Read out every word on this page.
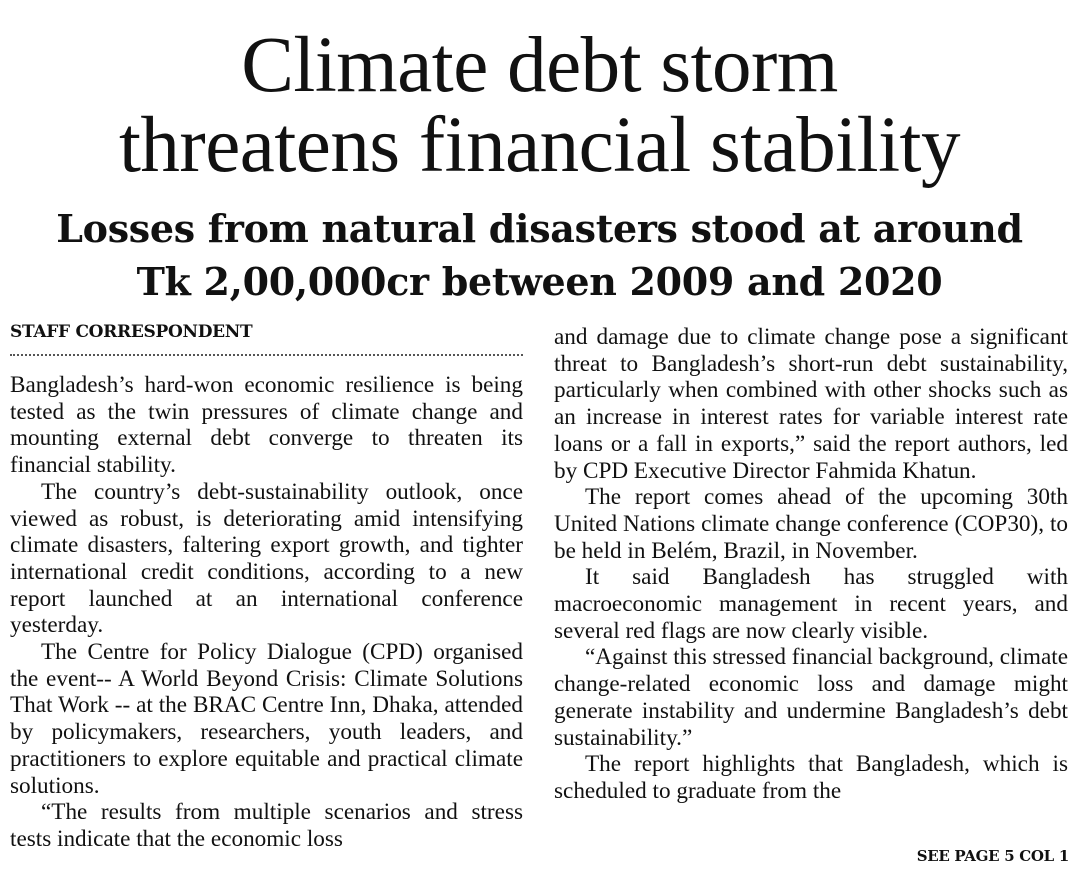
Climate debt storm
threatens financial stability
Losses from natural disasters stood at around
Tk 2,00,000cr between 2009 and 2020
STAFF CORRESPONDENT

Bangladesh’s hard-won economic resilience is being tested as the twin pressures of climate change and mounting external debt converge to threaten its financial stability.

The country’s debt-sustainability outlook, once viewed as robust, is deteriorating amid intensifying climate disasters, faltering export growth, and tighter international credit conditions, according to a new report launched at an international conference yesterday.

The Centre for Policy Dialogue (CPD) organised the event-- A World Beyond Crisis: Climate Solutions That Work -- at the BRAC Centre Inn, Dhaka, attended by policymakers, researchers, youth leaders, and practitioners to explore equitable and practical climate solutions.

“The results from multiple scenarios and stress tests indicate that the economic loss

and damage due to climate change pose a significant threat to Bangladesh’s short-run debt sustainability, particularly when combined with other shocks such as an increase in interest rates for variable interest rate loans or a fall in exports,” said the report authors, led by CPD Executive Director Fahmida Khatun.

The report comes ahead of the upcoming 30th United Nations climate change conference (COP30), to be held in Belém, Brazil, in November.

It said Bangladesh has struggled with macroeconomic management in recent years, and several red flags are now clearly visible.

“Against this stressed financial background, climate change-related economic loss and damage might generate instability and undermine Bangladesh’s debt sustainability.”

The report highlights that Bangladesh, which is scheduled to graduate from the

SEE PAGE 5 COL 1
